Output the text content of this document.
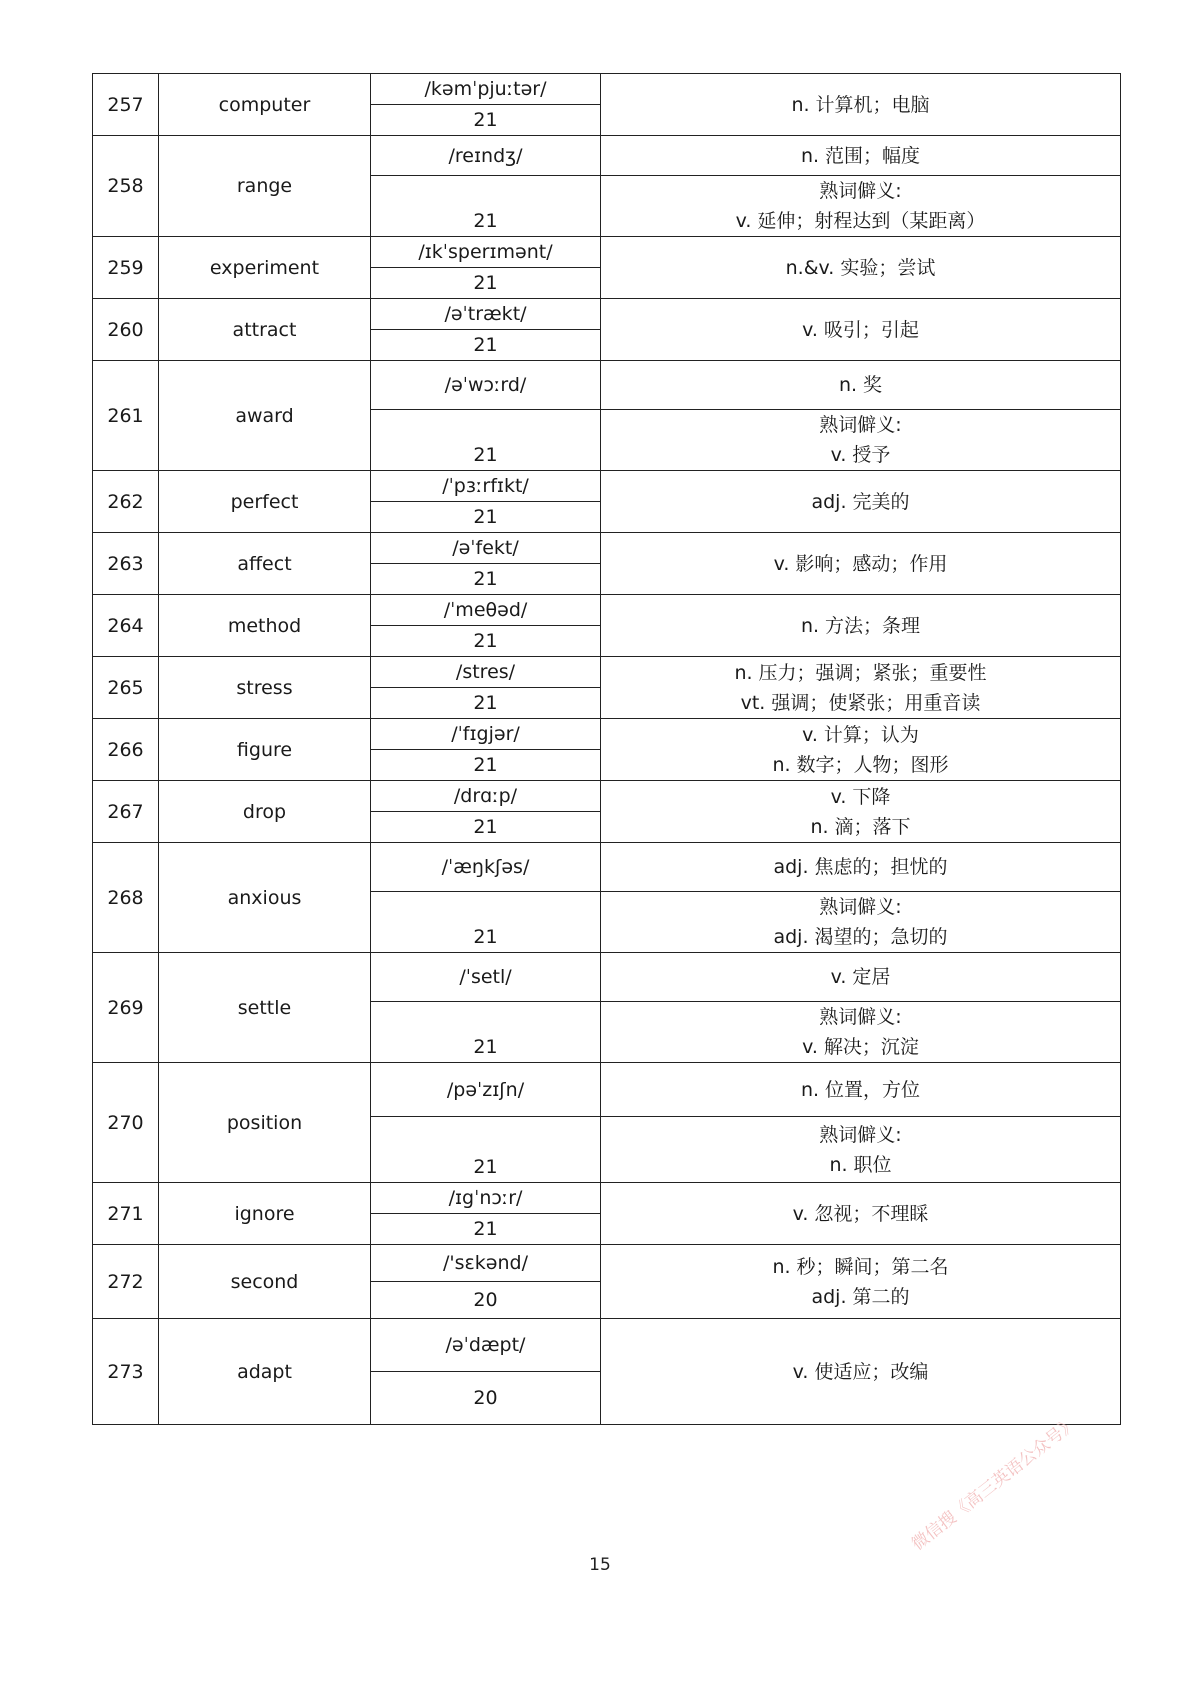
257	computer	/kəmˈpjuːtər/	n. 计算机；电脑

		21	
258	range	/reɪndʒ/	n. 范围；幅度

		21	熟词僻义:
v. 延伸；射程达到（某距离）

259	experiment	/ɪkˈsperɪmənt/	n.&v. 实验；尝试

		21	
260	attract	/əˈtrækt/	v. 吸引；引起

		21	
261	award	/əˈwɔːrd/	n. 奖

		21	熟词僻义:
v. 授予

262	perfect	/ˈpɜːrfɪkt/	adj. 完美的

		21	
263	affect	/əˈfekt/	v. 影响；感动；作用

		21	
264	method	/ˈmeθəd/	n. 方法；条理

		21	
265	stress	/stres/	n. 压力；强调；紧张；重要性
vt. 强调；使紧张；用重音读

		21	
266	figure	/ˈfɪgjər/	v. 计算；认为
n. 数字；人物；图形

		21	
267	drop	/drɑːp/	v. 下降
n. 滴；落下

		21	
268	anxious	/ˈæŋkʃəs/	adj. 焦虑的；担忧的

		21	熟词僻义:
adj. 渴望的；急切的

269	settle	/ˈsetl/	v. 定居

		21	熟词僻义:
v. 解决；沉淀

270	position	/pəˈzɪʃn/	n. 位置，方位

		21	熟词僻义:
n. 职位

271	ignore	/ɪgˈnɔːr/	v. 忽视；不理睬

		21	
272	second	/'sɛkənd/	n. 秒；瞬间；第二名
adj. 第二的

		20	
273	adapt	/əˈdæpt/	v. 使适应；改编

		20	
15
微信搜《高三英语公众号》
